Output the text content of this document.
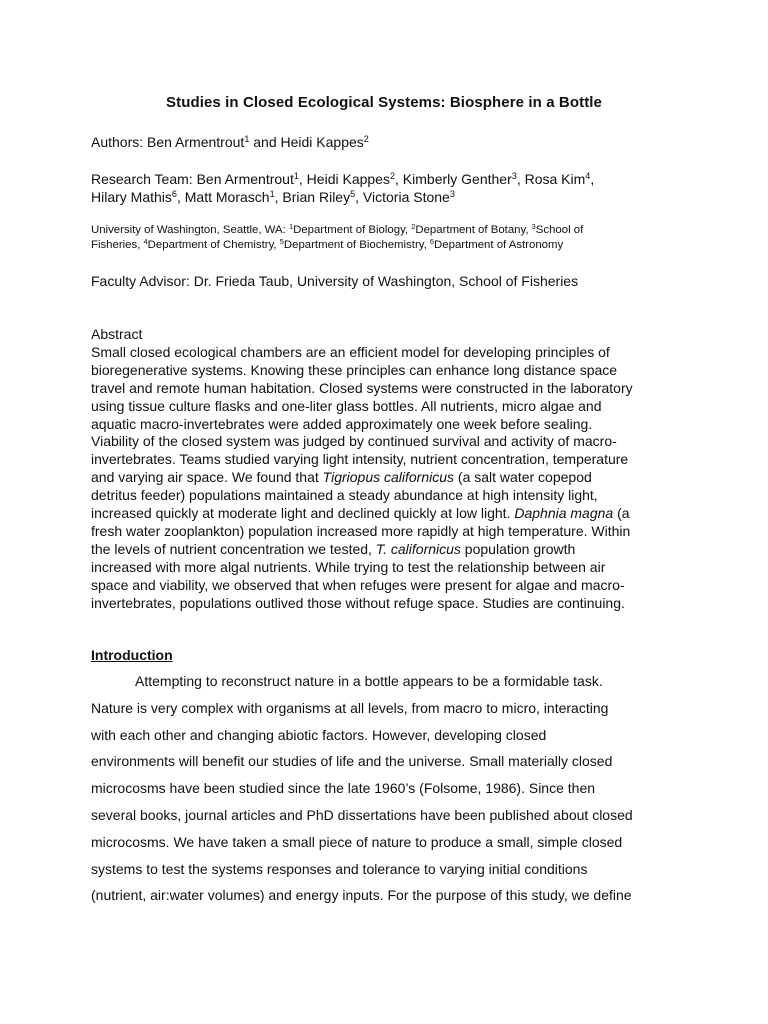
Studies in Closed Ecological Systems: Biosphere in a Bottle
Authors: Ben Armentrout$^1$ and Heidi Kappes$^2$
Research Team: Ben Armentrout$^1$, Heidi Kappes$^2$, Kimberly Genther$^3$, Rosa Kim$^4$,
Hilary Mathis$^6$, Matt Morasch$^1$, Brian Riley$^5$, Victoria Stone$^3$
University of Washington, Seattle, WA: $^1$Department of Biology, $^2$Department of Botany, $^3$School of
Fisheries, $^4$Department of Chemistry, $^5$Department of Biochemistry, $^6$Department of Astronomy
Faculty Advisor: Dr. Frieda Taub, University of Washington, School of Fisheries

Abstract

Small closed ecological chambers are an efficient model for developing principles of

bioregenerative systems. Knowing these principles can enhance long distance space

travel and remote human habitation. Closed systems were constructed in the laboratory

using tissue culture flasks and one-liter glass bottles. All nutrients, micro algae and

aquatic macro-invertebrates were added approximately one week before sealing.

Viability of the closed system was judged by continued survival and activity of macro-

invertebrates. Teams studied varying light intensity, nutrient concentration, temperature

and varying air space. We found that Tigriopus californicus (a salt water copepod

detritus feeder) populations maintained a steady abundance at high intensity light,

increased quickly at moderate light and declined quickly at low light. Daphnia magna (a

fresh water zooplankton) population increased more rapidly at high temperature. Within

the levels of nutrient concentration we tested, T. californicus population growth

increased with more algal nutrients. While trying to test the relationship between air

space and viability, we observed that when refuges were present for algae and macro-

invertebrates, populations outlived those without refuge space. Studies are continuing.

Introduction

Attempting to reconstruct nature in a bottle appears to be a formidable task.

Nature is very complex with organisms at all levels, from macro to micro, interacting

with each other and changing abiotic factors. However, developing closed

environments will benefit our studies of life and the universe. Small materially closed

microcosms have been studied since the late 1960’s (Folsome, 1986). Since then

several books, journal articles and PhD dissertations have been published about closed

microcosms. We have taken a small piece of nature to produce a small, simple closed

systems to test the systems responses and tolerance to varying initial conditions

(nutrient, air:water volumes) and energy inputs. For the purpose of this study, we define
